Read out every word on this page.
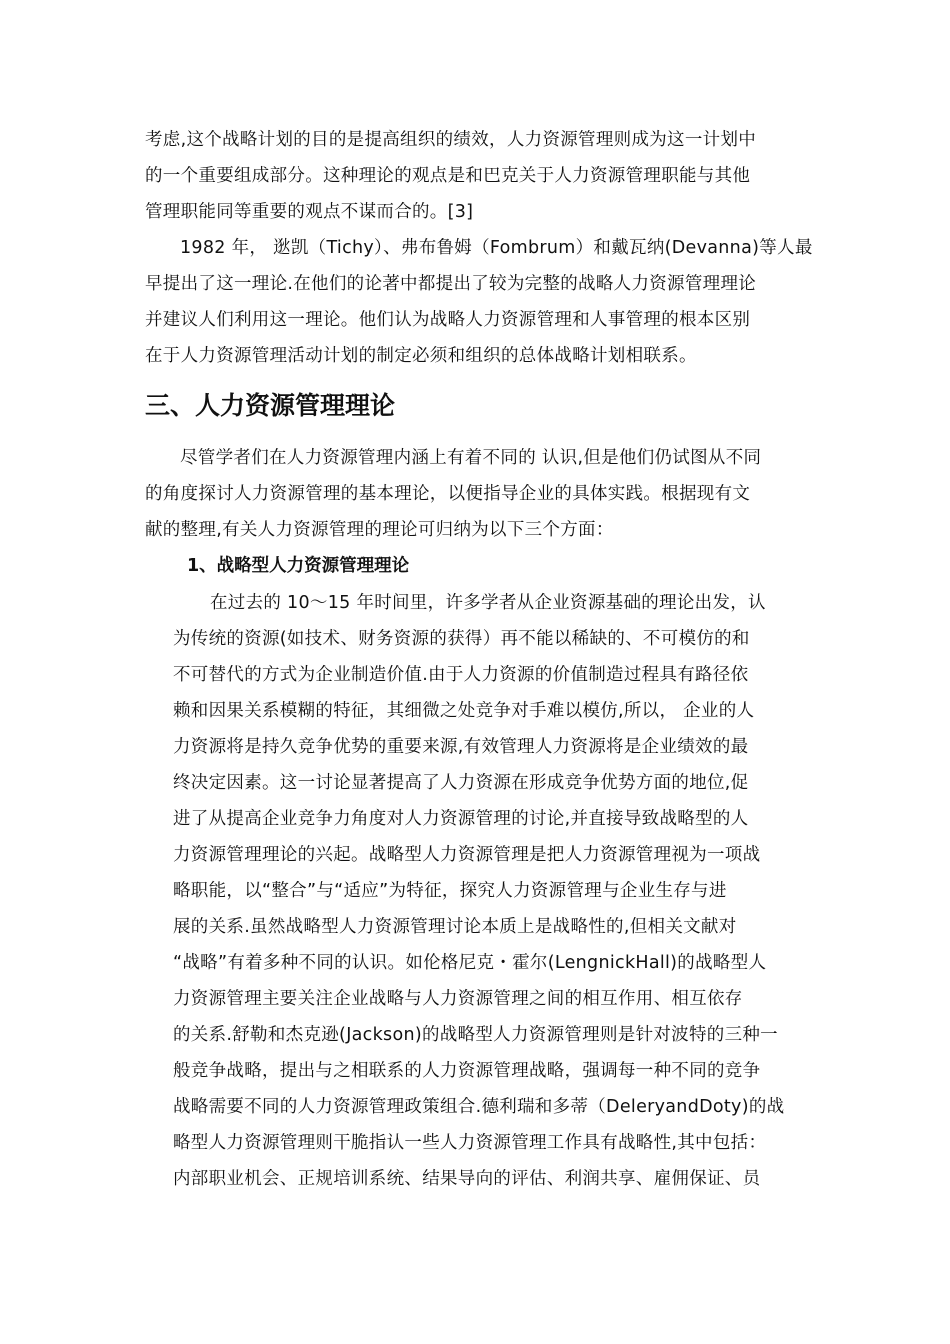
考虑,这个战略计划的目的是提高组织的绩效，人力资源管理则成为这一计划中
的一个重要组成部分。这种理论的观点是和巴克关于人力资源管理职能与其他
管理职能同等重要的观点不谋而合的。[3]
1982 年， 逖凯（Tichy）、弗布鲁姆（Fombrum）和戴瓦纳(Devanna)等人最
早提出了这一理论.在他们的论著中都提出了较为完整的战略人力资源管理理论
并建议人们利用这一理论。他们认为战略人力资源管理和人事管理的根本区别
在于人力资源管理活动计划的制定必须和组织的总体战略计划相联系。
三、人力资源管理理论
尽管学者们在人力资源管理内涵上有着不同的 认识,但是他们仍试图从不同
的角度探讨人力资源管理的基本理论，以便指导企业的具体实践。根据现有文
献的整理,有关人力资源管理的理论可归纳为以下三个方面：
1、战略型人力资源管理理论
在过去的 10～15 年时间里，许多学者从企业资源基础的理论出发，认
为传统的资源(如技术、财务资源的获得）再不能以稀缺的、不可模仿的和
不可替代的方式为企业制造价值.由于人力资源的价值制造过程具有路径依
赖和因果关系模糊的特征，其细微之处竞争对手难以模仿,所以， 企业的人
力资源将是持久竞争优势的重要来源,有效管理人力资源将是企业绩效的最
终决定因素。这一讨论显著提高了人力资源在形成竞争优势方面的地位,促
进了从提高企业竞争力角度对人力资源管理的讨论,并直接导致战略型的人
力资源管理理论的兴起。战略型人力资源管理是把人力资源管理视为一项战
略职能，以“整合”与“适应”为特征，探究人力资源管理与企业生存与进
展的关系.虽然战略型人力资源管理讨论本质上是战略性的,但相关文献对
“战略”有着多种不同的认识。如伦格尼克・霍尔(LengnickHall)的战略型人
力资源管理主要关注企业战略与人力资源管理之间的相互作用、相互依存
的关系.舒勒和杰克逊(Jackson)的战略型人力资源管理则是针对波特的三种一
般竞争战略，提出与之相联系的人力资源管理战略，强调每一种不同的竞争
战略需要不同的人力资源管理政策组合.德利瑞和多蒂（DeleryandDoty)的战
略型人力资源管理则干脆指认一些人力资源管理工作具有战略性,其中包括：
内部职业机会、正规培训系统、结果导向的评估、利润共享、雇佣保证、员
